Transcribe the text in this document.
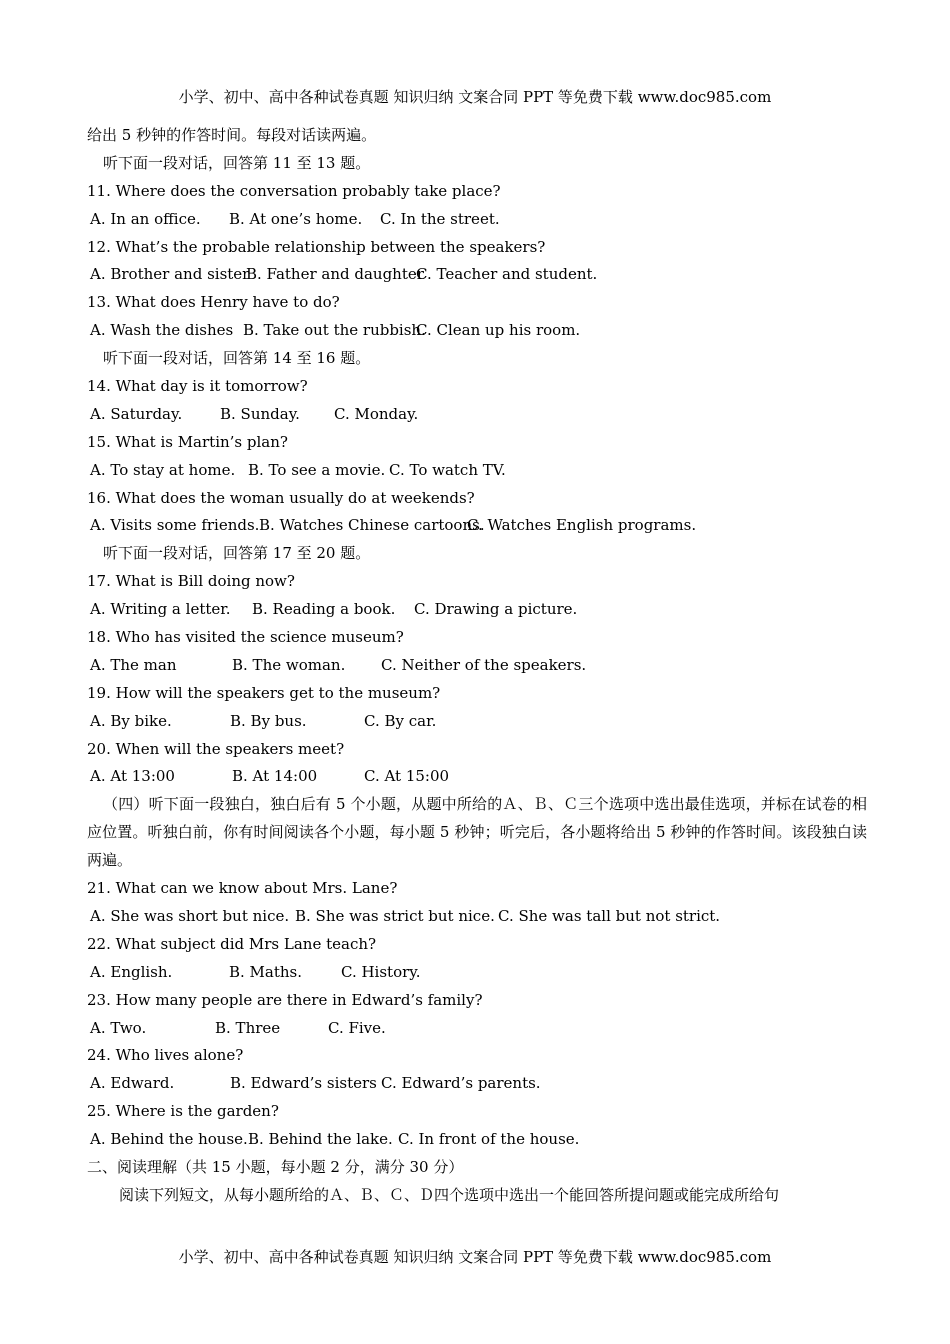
小学、初中、高中各种试卷真题 知识归纳 文案合同 PPT 等免费下载 www.doc985.com
给出 5 秒钟的作答时间。每段对话读两遍。
听下面一段对话，回答第 11 至 13 题。
11. Where does the conversation probably take place?
A. In an office. B. At one’s home. C. In the street.
12. What’s the probable relationship between the speakers?
A. Brother and sisterB. Father and daughterC. Teacher and student.
13. What does Henry have to do?
A. Wash the dishes B. Take out the rubbish.C. Clean up his room.
听下面一段对话，回答第 14 至 16 题。
14. What day is it tomorrow?
A. Saturday.	B. Sunday. C. Monday.
15. What is Martin’s plan?
A. To stay at home. B. To see a movie. C. To watch TV.
16. What does the woman usually do at weekends?
A. Visits some friends.B. Watches Chinese cartoons.C. Watches English programs.
听下面一段对话，回答第 17 至 20 题。
17. What is Bill doing now?
A. Writing a letter. B. Reading a book. C. Drawing a picture.
18. Who has visited the science museum?
A. The man	B. The woman. C. Neither of the speakers.
19. How will the speakers get to the museum?
A. By bike.	B. By bus.	C. By car.
20. When will the speakers meet?
A. At 13:00	B. At 14:00	C. At 15:00
（四）听下面一段独白，独白后有 5 个小题，从题中所给的Ａ、Ｂ、Ｃ三个选项中选出最佳选项，并标在试卷的相应位置。听独白前，你有时间阅读各个小题，每小题 5 秒钟；听完后，各小题将给出 5 秒钟的作答时间。该段独白读两遍。
21. What can we know about Mrs. Lane?
A. She was short but nice. B. She was strict but nice. C. She was tall but not strict.
22. What subject did Mrs Lane teach?
A. English.	B. Maths.	C. History.
23. How many people are there in Edward’s family?
A. Two.	B. Three	C. Five.
24. Who lives alone?
A. Edward.	B. Edward’s sisters C. Edward’s parents.
25. Where is the garden?
A. Behind the house.B. Behind the lake. C. In front of the house.
二、阅读理解（共 15 小题，每小题 2 分，满分 30 分）
阅读下列短文，从每小题所给的Ａ、Ｂ、Ｃ、Ｄ四个选项中选出一个能回答所提问题或能完成所给句
小学、初中、高中各种试卷真题 知识归纳 文案合同 PPT 等免费下载 www.doc985.com
